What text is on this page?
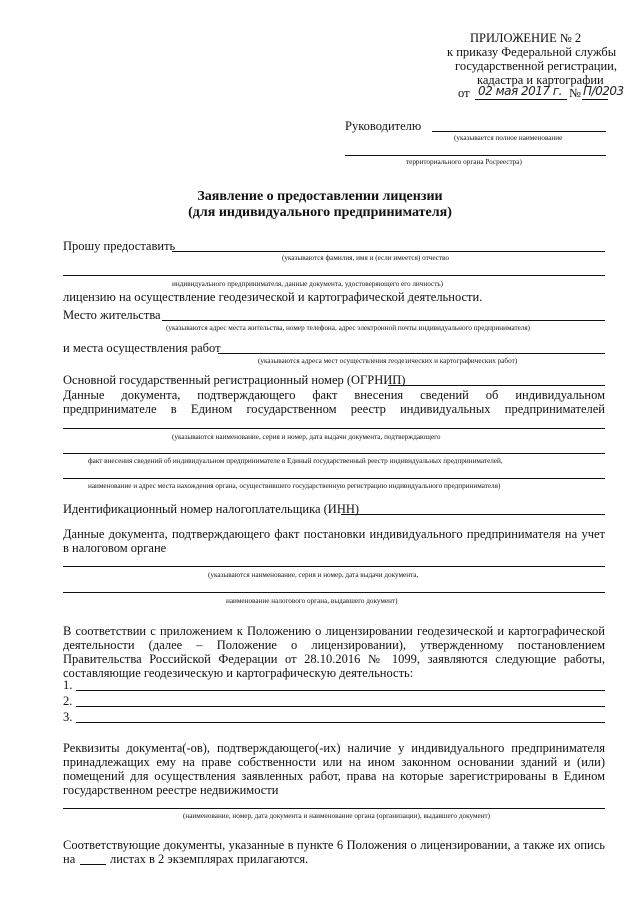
ПРИЛОЖЕНИЕ № 2
к приказу Федеральной службы
государственной регистрации,
кадастра и картографии
от 02 мая 2017 г. № П/0203
Руководителю
(указывается полное наименование
территориального органа Росреестра)
Заявление о предоставлении лицензии
(для индивидуального предпринимателя)
Прошу предоставить
(указываются фамилия, имя и (если имеется) отчество
индивидуального предпринимателя, данные документа, удостоверяющего его личность)
лицензию на осуществление геодезической и картографической деятельности.
Место жительства
(указываются адрес места жительства, номер телефона, адрес электронной почты индивидуального предпринимателя)
и места осуществления работ
(указываются адреса мест осуществления геодезических и картографических работ)
Основной государственный регистрационный номер (ОГРНИП)
Данные документа, подтверждающего факт внесения сведений об индивидуальном
предпринимателе в Едином государственном реестр индивидуальных предпринимателей
(указываются наименование, серия и номер, дата выдачи документа, подтверждающего
факт внесения сведений об индивидуальном предпринимателе в Единый государственный реестр индивидуальных предпринимателей,
наименование и адрес места нахождения органа, осуществившего государственную регистрацию индивидуального предпринимателя)
Идентификационный номер налогоплательщика (ИНН)
Данные документа, подтверждающего факт постановки индивидуального предпринимателя на учет
в налоговом органе
(указываются наименование, серия и номер, дата выдачи документа,
наименование налогового органа, выдавшего документ)
В соответствии с приложением к Положению о лицензировании геодезической и картографической деятельности (далее – Положение о лицензировании), утвержденному постановлением Правительства Российской Федерации от 28.10.2016 № 1099, заявляются следующие работы, составляющие геодезическую и картографическую деятельность:
1.
2.
3.
Реквизиты документа(-ов), подтверждающего(-их) наличие у индивидуального предпринимателя принадлежащих ему на праве собственности или на ином законном основании зданий и (или) помещений для осуществления заявленных работ, права на которые зарегистрированы в Едином государственном реестре недвижимости
(наименование, номер, дата документа и наименование органа (организации), выдавшего документ)
Соответствующие документы, указанные в пункте 6 Положения о лицензировании, а также их опись
на	листах в 2 экземплярах прилагаются.
